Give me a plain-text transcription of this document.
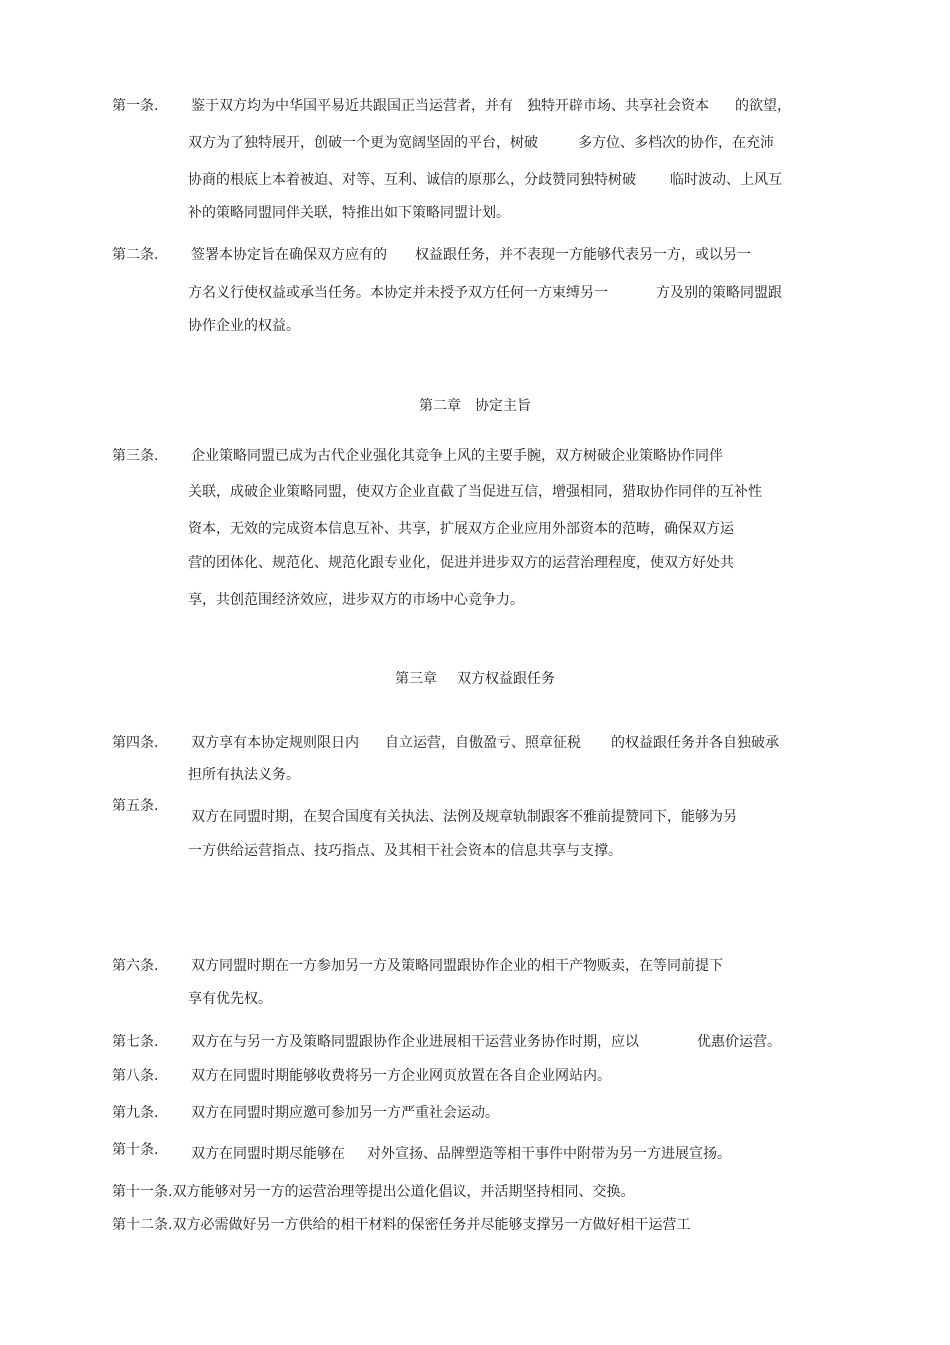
第一条. 鉴于双方均为中华国平易近共跟国正当运营者，并有 独特开辟市场、共享社会资本 的欲望，
双方为了独特展开，创破一个更为宽阔坚固的平台，树破	多方位、多档次的协作，在充沛
协商的根底上本着被迫、对等、互利、诚信的原那么，分歧赞同独特树破 临时波动、上风互
补的策略同盟同伴关联，特推出如下策略同盟计划。
第二条. 签署本协定旨在确保双方应有的 权益跟任务，并不表现一方能够代表另一方，或以另一
方名义行使权益或承当任务。本协定并未授予双方任何一方束缚另一	方及别的策略同盟跟
协作企业的权益。
第二章 协定主旨
第三条. 企业策略同盟已成为古代企业强化其竞争上风的主要手腕，双方树破企业策略协作同伴
关联，成破企业策略同盟，使双方企业直截了当促进互信，增强相同，猎取协作同伴的互补性
资本，无效的完成资本信息互补、共享，扩展双方企业应用外部资本的范畴，确保双方运
营的团体化、规范化、规范化跟专业化，促进并进步双方的运营治理程度，使双方好处共
享，共创范围经济效应，进步双方的市场中心竞争力。
第三章 双方权益跟任务
第四条. 双方享有本协定规则限日内 自立运营，自傲盈亏、照章征税 的权益跟任务并各自独破承
担所有执法义务。
第五条.
双方在同盟时期，在契合国度有关执法、法例及规章轨制跟客不雅前提赞同下，能够为另
一方供给运营指点、技巧指点、及其相干社会资本的信息共享与支撑。
第六条. 双方同盟时期在一方参加另一方及策略同盟跟协作企业的相干产物贩卖，在等同前提下
享有优先权。
第七条. 双方在与另一方及策略同盟跟协作企业进展相干运营业务协作时期，应以	优惠价运营。
第八条. 双方在同盟时期能够收费将另一方企业网页放置在各自企业网站内。
第九条. 双方在同盟时期应邀可参加另一方严重社会运动。
第十条. 双方在同盟时期尽能够在 对外宣扬、品牌塑造等相干事件中附带为另一方进展宣扬。
第十一条.双方能够对另一方的运营治理等提出公道化倡议，并活期坚持相同、交换。
第十二条.双方必需做好另一方供给的相干材料的保密任务并尽能够支撑另一方做好相干运营工
